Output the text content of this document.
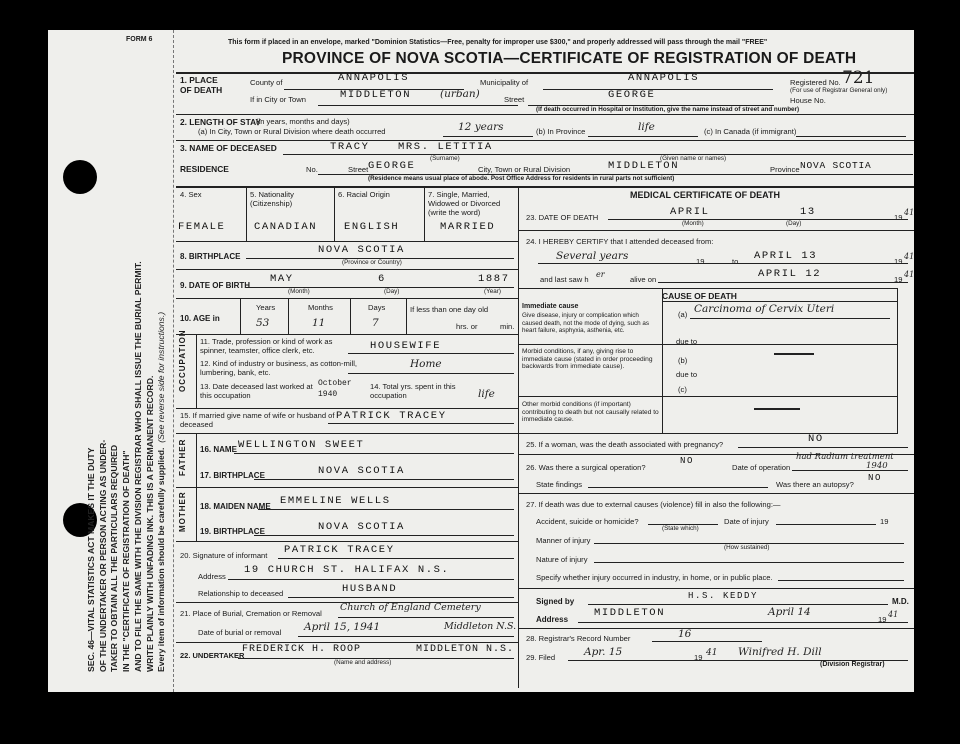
SEC. 46—VITAL STATISTICS ACT MAKES IT THE DUTY OF THE UNDERTAKER OR PERSON ACTING AS UNDER- TAKER TO OBTAIN ALL THE PARTICULARS REQUIRED IN THE "CERTIFICATE OF REGISTRATION OF DEATH" AND TO FILE THE SAME WITH THE DIVISION REGISTRAR WHO SHALL ISSUE THE BURIAL PERMIT. WRITE PLAINLY WITH UNFADING INK. THIS IS A PERMANENT RECORD. Every item of information should be carefully supplied.  (See reverse side for instructions.)
FORM 6	This form if placed in an envelope, marked "Dominion Statistics—Free, penalty for improper use $300," and properly addressed will pass through the mail "FREE"
PROVINCE OF NOVA SCOTIA—CERTIFICATE OF REGISTRATION OF DEATH
721
1. PLACE OF DEATH
County of	ANNAPOLIS	Municipality of	ANNAPOLIS	Registered No.
(For use of Registrar General only)
If in City or Town	MIDDLETON	(urban)	Street	GEORGE	House No.
(If death occurred in Hospital or Institution, give the name instead of street and number)
2. LENGTH OF STAY
(in years, months and days)
(a) In City, Town or Rural Division where death occurred	12 years	(b) In Province	life	(c) In Canada (if immigrant)
3. NAME OF DECEASED	TRACY	MRS. LETITIA
(Surname)	(Given name or names)
RESIDENCE	No.	Street GEORGE	City, Town or Rural Division	MIDDLETON	Province NOVA SCOTIA
(Residence means usual place of abode. Post Office Address for residents in rural parts not sufficient)
4. Sex	5. Nationality (Citizenship)
6. Racial Origin	7. Single, Married, Widowed or Divorced (write the word)
FEMALE	CANADIAN	ENGLISH	MARRIED
8. BIRTHPLACE
NOVA SCOTIA
(Province or Country)
9. DATE OF BIRTH
MAY	6	1887
(Month)	(Day)	(Year)
10. AGE in
Years	Months	Days
53	11	7
If less than one day old
hrs. or	min.
OCCUPATION 11. Trade, profession or kind of work as spinner, teamster, office clerk, etc.	HOUSEWIFE
12. Kind of industry or business, as cotton-mill, lumbering, bank, etc.
Home
13. Date deceased last worked at this occupation
October 1940
14. Total yrs. spent in this occupation	life
15. If married give name of wife or husband of deceased
PATRICK TRACEY
FATHER
MOTHER
16. NAME WELLINGTON SWEET
17. BIRTHPLACE	NOVA SCOTIA
18. MAIDEN NAME EMMELINE WELLS
19. BIRTHPLACE	NOVA SCOTIA
20. Signature of informant PATRICK TRACEY
Address
19 CHURCH ST. HALIFAX N.S.
Relationship to deceased	HUSBAND
21. Place of Burial, Cremation or Removal
Church of England Cemetery
Date of burial or removal April 15, 1941	Middleton N.S.
22. UNDERTAKER
FREDERICK H. ROOP	MIDDLETON N.S.
(Name and address)
MEDICAL CERTIFICATE OF DEATH
23. DATE OF DEATH	APRIL	13	19
41
(Month)	(Day)
24. I HEREBY CERTIFY that I attended deceased from:
Several years	19	to APRIL 13	19
41
and last saw h
er
alive on	APRIL 12	19
41
CAUSE OF DEATH
Immediate cause
Give disease, injury or complication which caused death, not the mode of dying, such as heart failure, asphyxia, asthenia, etc.
(a) Carcinoma of Cervix Uteri
due to
Morbid conditions, if any, giving rise to immediate cause (stated in order proceeding backwards from immediate cause).
(b)
due to
(c)
Other morbid conditions (if important) contributing to death but not causally related to immediate cause.
25. If a woman, was the death associated with pregnancy?	NO
26. Was there a surgical operation?
NO
Date of operation
had Radium treatment
1940
State findings	Was there an autopsy?
NO
27. If death was due to external causes (violence) fill in also the following:—
Accident, suicide or homicide?
(State which)
Date of injury	19
Manner of injury
(How sustained)
Nature of injury
Specify whether injury occurred in industry, in home, or in public place.
Signed by
H.S. KEDDY
M.D.
Address
MIDDLETON	April 14
19
41
28. Registrar's Record Number	16
29. Filed	Apr. 15	19 41 Winifred H. Dill
(Division Registrar)
